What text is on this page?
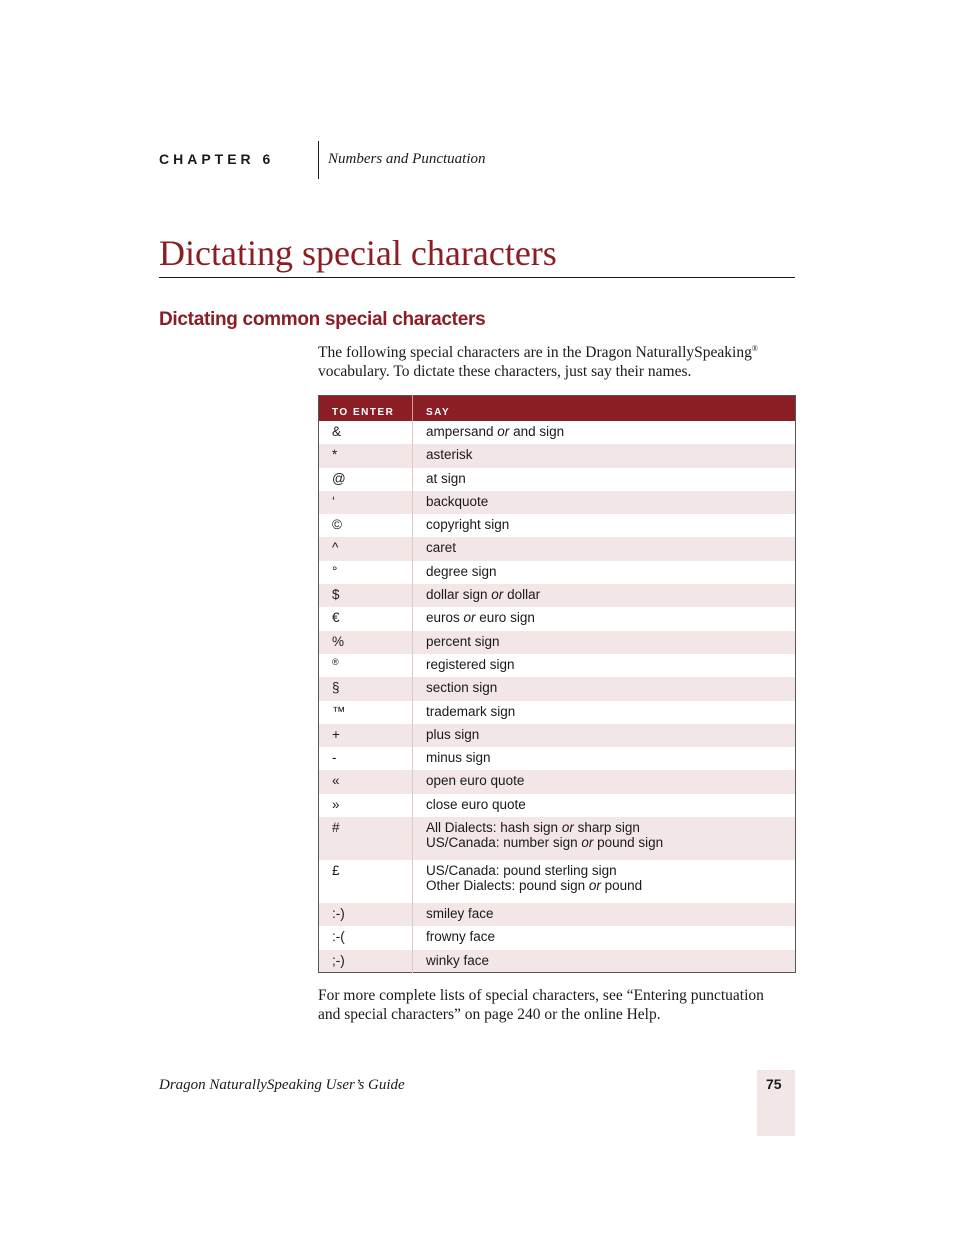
CHAPTER 6	Numbers and Punctuation
Dictating special characters
Dictating common special characters

The following special characters are in the Dragon NaturallySpeaking®
vocabulary. To dictate these characters, just say their names.

TO ENTER	SAY
&	ampersand or and sign

*	asterisk

@	at sign

‘	backquote

©	copyright sign

^	caret

°	degree sign

$	dollar sign or dollar

€	euros or euro sign

%	percent sign

®	registered sign

§	section sign

™	trademark sign

+	plus sign

-	minus sign

«	open euro quote

»	close euro quote

#	All Dialects: hash sign or sharp sign
US/Canada: number sign or pound sign

£	US/Canada: pound sterling sign
Other Dialects: pound sign or pound

:-)	smiley face

:-(	frowny face

;-)	winky face

For more complete lists of special characters, see “Entering punctuation
and special characters” on page 240 or the online Help.

Dragon NaturallySpeaking User’s Guide	75
